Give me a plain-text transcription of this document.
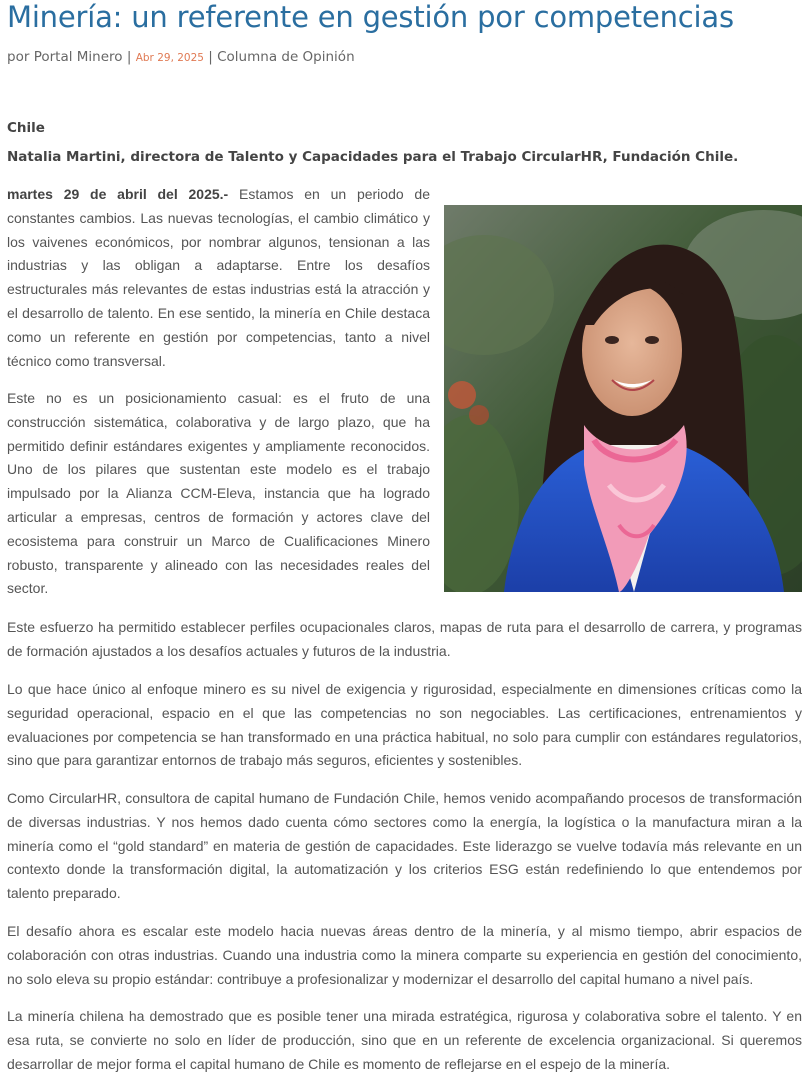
Minería: un referente en gestión por competencias
por Portal Minero | Abr 29, 2025 | Columna de Opinión
Chile
Natalia Martini, directora de Talento y Capacidades para el Trabajo CircularHR, Fundación Chile.

martes 29 de abril del 2025.- Estamos en un periodo de constantes cambios. Las nuevas tecnologías, el cambio climático y los vaivenes económicos, por nombrar algunos, tensionan a las industrias y las obligan a adaptarse. Entre los desafíos estructurales más relevantes de estas industrias está la atracción y el desarrollo de talento. En ese sentido, la minería en Chile destaca como un referente en gestión por competencias, tanto a nivel técnico como transversal.

Este no es un posicionamiento casual: es el fruto de una construcción sistemática, colaborativa y de largo plazo, que ha permitido definir estándares exigentes y ampliamente reconocidos. Uno de los pilares que sustentan este modelo es el trabajo impulsado por la Alianza CCM-Eleva, instancia que ha logrado articular a empresas, centros de formación y actores clave del ecosistema para construir un Marco de Cualificaciones Minero robusto, transparente y alineado con las necesidades reales del sector.

Este esfuerzo ha permitido establecer perfiles ocupacionales claros, mapas de ruta para el desarrollo de carrera, y programas de formación ajustados a los desafíos actuales y futuros de la industria.

Lo que hace único al enfoque minero es su nivel de exigencia y rigurosidad, especialmente en dimensiones críticas como la seguridad operacional, espacio en el que las competencias no son negociables. Las certificaciones, entrenamientos y evaluaciones por competencia se han transformado en una práctica habitual, no solo para cumplir con estándares regulatorios, sino que para garantizar entornos de trabajo más seguros, eficientes y sostenibles.

Como CircularHR, consultora de capital humano de Fundación Chile, hemos venido acompañando procesos de transformación de diversas industrias. Y nos hemos dado cuenta cómo sectores como la energía, la logística o la manufactura miran a la minería como el “gold standard” en materia de gestión de capacidades. Este liderazgo se vuelve todavía más relevante en un contexto donde la transformación digital, la automatización y los criterios ESG están redefiniendo lo que entendemos por talento preparado.

El desafío ahora es escalar este modelo hacia nuevas áreas dentro de la minería, y al mismo tiempo, abrir espacios de colaboración con otras industrias. Cuando una industria como la minera comparte su experiencia en gestión del conocimiento, no solo eleva su propio estándar: contribuye a profesionalizar y modernizar el desarrollo del capital humano a nivel país.

La minería chilena ha demostrado que es posible tener una mirada estratégica, rigurosa y colaborativa sobre el talento. Y en esa ruta, se convierte no solo en líder de producción, sino que en un referente de excelencia organizacional. Si queremos desarrollar de mejor forma el capital humano de Chile es momento de reflejarse en el espejo de la minería.
